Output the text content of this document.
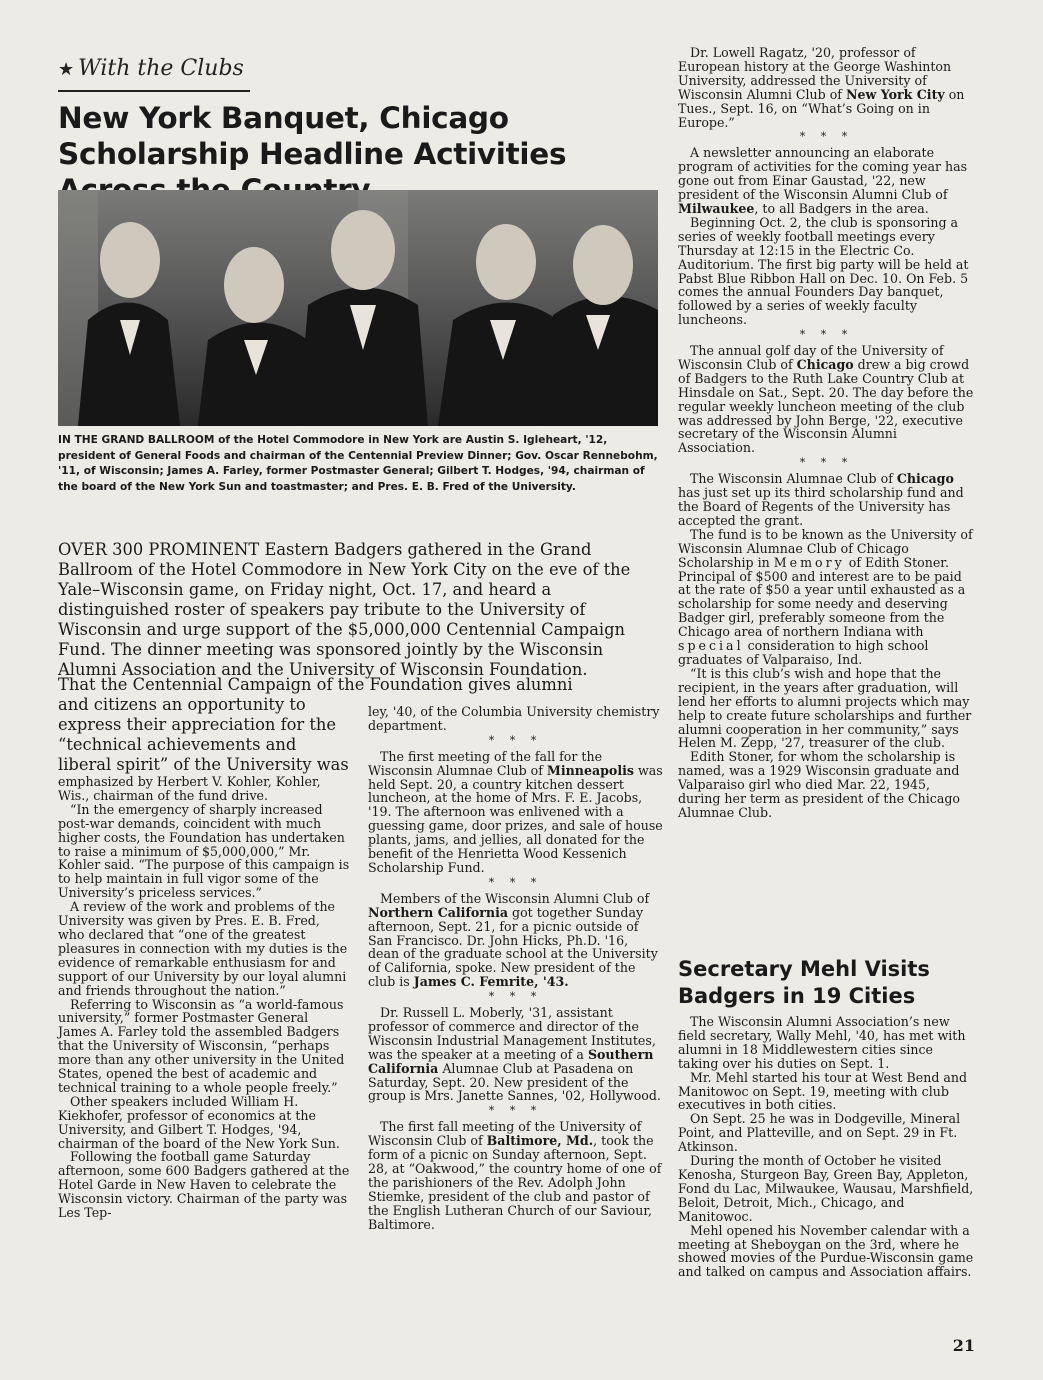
★ With the Clubs
New York Banquet, Chicago Scholarship Headline Activities
IN THE GRAND BALLROOM of the Hotel Commodore in New York are Austin S. Igleheart, '12, president of General Foods and chairman of the Centennial Preview Dinner; Gov. Oscar Rennebohm, '11, of Wisconsin; James A. Farley, former Postmaster General; Gilbert T. Hodges, '94, chairman of the board of the New York Sun and toastmaster; and Pres. E. B. Fred of the University.
OVER 300 PROMINENT Eastern Badgers gathered in the Grand Ballroom of the Hotel Commodore in New York City on the eve of the Yale–Wisconsin game, on Friday night, Oct. 17, and heard a distinguished roster of speakers pay tribute to the University of Wisconsin and urge support of the $5,000,000 Centennial Campaign Fund. The dinner meeting was sponsored jointly by the Wisconsin Alumni Association and the University of Wisconsin Foundation.
That the Centennial Campaign of the Foundation gives alumni

and citizens an opportunity to express their appreciation for the “technical achievements and liberal spirit” of the University was

emphasized by Herbert V. Kohler, Kohler, Wis., chairman of the fund drive.

“In the emergency of sharply increased post-war demands, coincident with much higher costs, the Foundation has undertaken to raise a minimum of $5,000,000,” Mr. Kohler said. “The purpose of this campaign is to help maintain in full vigor some of the University’s priceless services.”

A review of the work and problems of the University was given by Pres. E. B. Fred, who declared that “one of the greatest pleasures in connection with my duties is the evidence of remarkable enthusiasm for and support of our University by our loyal alumni and friends throughout the nation.”

Referring to Wisconsin as “a world-famous university,” former Postmaster General James A. Farley told the assembled Badgers that the University of Wisconsin, “perhaps more than any other university in the United States, opened the best of academic and technical training to a whole people freely.”

Other speakers included William H. Kiekhofer, professor of economics at the University, and Gilbert T. Hodges, '94, chairman of the board of the New York Sun.

Following the football game Saturday afternoon, some 600 Badgers gathered at the Hotel Garde in New Haven to celebrate the Wisconsin victory. Chairman of the party was Les Tep-

ley, '40, of the Columbia University chemistry department.

* * *

The first meeting of the fall for the Wisconsin Alumnae Club of Minneapolis was held Sept. 20, a country kitchen dessert luncheon, at the home of Mrs. F. E. Jacobs, '19. The afternoon was enlivened with a guessing game, door prizes, and sale of house plants, jams, and jellies, all donated for the benefit of the Henrietta Wood Kessenich Scholarship Fund.

* * *

Members of the Wisconsin Alumni Club of Northern California got together Sunday afternoon, Sept. 21, for a picnic outside of San Francisco. Dr. John Hicks, Ph.D. '16, dean of the graduate school at the University of California, spoke. New president of the club is James C. Femrite, '43.

* * *

Dr. Russell L. Moberly, '31, assistant professor of commerce and director of the Wisconsin Industrial Management Institutes, was the speaker at a meeting of a Southern California Alumnae Club at Pasadena on Saturday, Sept. 20. New president of the group is Mrs. Janette Sannes, '02, Hollywood.

* * *

The first fall meeting of the University of Wisconsin Club of Baltimore, Md., took the form of a picnic on Sunday afternoon, Sept. 28, at “Oakwood,” the country home of one of the parishioners of the Rev. Adolph John Stiemke, president of the club and pastor of the English Lutheran Church of our Saviour, Baltimore.

Dr. Lowell Ragatz, '20, professor of European history at the George Washinton University, addressed the University of Wisconsin Alumni Club of New York City on Tues., Sept. 16, on “What’s Going on in Europe.”

* * *

A newsletter announcing an elaborate program of activities for the coming year has gone out from Einar Gaustad, '22, new president of the Wisconsin Alumni Club of Milwaukee, to all Badgers in the area.

Beginning Oct. 2, the club is sponsoring a series of weekly football meetings every Thursday at 12:15 in the Electric Co. Auditorium. The first big party will be held at Pabst Blue Ribbon Hall on Dec. 10. On Feb. 5 comes the annual Founders Day banquet, followed by a series of weekly faculty luncheons.

* * *

The annual golf day of the University of Wisconsin Club of Chicago drew a big crowd of Badgers to the Ruth Lake Country Club at Hinsdale on Sat., Sept. 20. The day before the regular weekly luncheon meeting of the club was addressed by John Berge, '22, executive secretary of the Wisconsin Alumni Association.

* * *

The Wisconsin Alumnae Club of Chicago has just set up its third scholarship fund and the Board of Regents of the University has accepted the grant.

The fund is to be known as the University of Wisconsin Alumnae Club of Chicago Scholarship in Memory of Edith Stoner. Principal of $500 and interest are to be paid at the rate of $50 a year until exhausted as a scholarship for some needy and deserving Badger girl, preferably someone from the Chicago area of northern Indiana with special consideration to high school graduates of Valparaiso, Ind.

“It is this club’s wish and hope that the recipient, in the years after graduation, will lend her efforts to alumni projects which may help to create future scholarships and further alumni cooperation in her community,” says Helen M. Zepp, '27, treasurer of the club.

Edith Stoner, for whom the scholarship is named, was a 1929 Wisconsin graduate and Valparaiso girl who died Mar. 22, 1945, during her term as president of the Chicago Alumnae Club.

Secretary Mehl Visits Badgers in 19 Cities

The Wisconsin Alumni Association’s new field secretary, Wally Mehl, '40, has met with alumni in 18 Middlewestern cities since taking over his duties on Sept. 1.

Mr. Mehl started his tour at West Bend and Manitowoc on Sept. 19, meeting with club executives in both cities.

On Sept. 25 he was in Dodgeville, Mineral Point, and Platteville, and on Sept. 29 in Ft. Atkinson.

During the month of October he visited Kenosha, Sturgeon Bay, Green Bay, Appleton, Fond du Lac, Milwaukee, Wausau, Marshfield, Beloit, Detroit, Mich., Chicago, and Manitowoc.

Mehl opened his November calendar with a meeting at Sheboygan on the 3rd, where he showed movies of the Purdue-Wisconsin game and talked on campus and Association affairs.

21
